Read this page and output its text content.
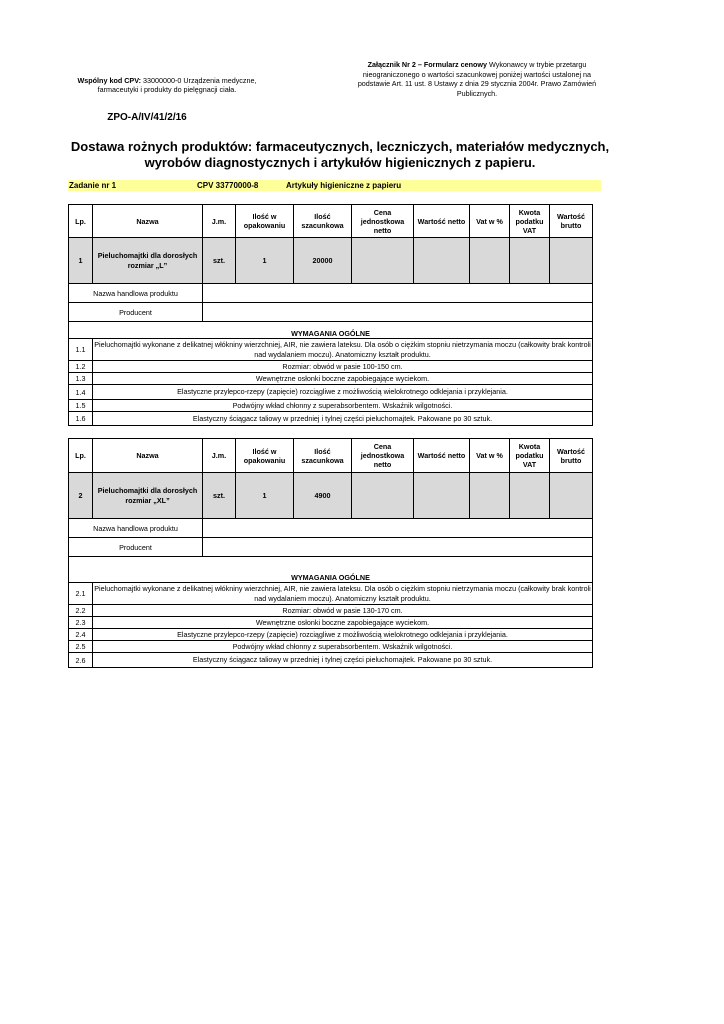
Wspólny kod CPV: 33000000-0 Urządzenia medyczne, farmaceutyki i produkty do pielęgnacji ciała.
Załącznik Nr 2 – Formularz cenowy Wykonawcy w trybie przetargu nieograniczonego o wartości szacunkowej poniżej wartości ustalonej na podstawie Art. 11 ust. 8 Ustawy z dnia 29 stycznia 2004r. Prawo Zamówień Publicznych.
ZPO-A/IV/41/2/16
Dostawa rożnych produktów: farmaceutycznych, leczniczych, materiałów medycznych,
wyrobów diagnostycznych i artykułów higienicznych z papieru.
Zadanie nr 1	CPV 33770000-8	Artykuły higieniczne z papieru
Lp.	Nazwa	J.m.	Ilość w opakowaniu	Ilość szacunkowa	Cena jednostkowa netto	Wartość netto	Vat w %	Kwota podatku VAT	Wartość brutto
1	Pieluchomajtki dla dorosłych rozmiar „L”	szt.	1	20000					
Nazwa handlowa produktu									
Producent									
WYMAGANIA OGÓLNE									
1.1	Pieluchomajtki wykonane z delikatnej włókniny wierzchniej, AIR, nie zawiera lateksu. Dla osób o ciężkim stopniu nietrzymania moczu (całkowity brak kontroli nad wydalaniem moczu). Anatomiczny kształt produktu.								
1.2	Rozmiar: obwód w pasie 100-150 cm.								
1.3	Wewnętrzne osłonki boczne zapobiegające wyciekom.								
1.4	Elastyczne przylepco-rzepy (zapięcie) rozciągliwe z możliwością wielokrotnego odklejania i przyklejania.								
1.5	Podwójny wkład chłonny z superabsorbentem. Wskaźnik wilgotności.								
1.6	Elastyczny ściągacz taliowy w przedniej i tylnej części pieluchomajtek. Pakowane po 30 sztuk.								
Lp.	Nazwa	J.m.	Ilość w opakowaniu	Ilość szacunkowa	Cena jednostkowa netto	Wartość netto	Vat w %	Kwota podatku VAT	Wartość brutto
2	Pieluchomajtki dla dorosłych rozmiar „XL”	szt.	1	4900					
Nazwa handlowa produktu									
Producent									
WYMAGANIA OGÓLNE									
2.1	Pieluchomajtki wykonane z delikatnej włókniny wierzchniej, AIR, nie zawiera lateksu. Dla osób o ciężkim stopniu nietrzymania moczu (całkowity brak kontroli nad wydalaniem moczu). Anatomiczny kształt produktu.								
2.2	Rozmiar: obwód w pasie 130-170 cm.								
2.3	Wewnętrzne osłonki boczne zapobiegające wyciekom.								
2.4	Elastyczne przylepco-rzepy (zapięcie) rozciągliwe z możliwością wielokrotnego odklejania i przyklejania.								
2.5	Podwójny wkład chłonny z superabsorbentem. Wskaźnik wilgotności.								
2.6	Elastyczny ściągacz taliowy w przedniej i tylnej części pieluchomajtek. Pakowane po 30 sztuk.								
